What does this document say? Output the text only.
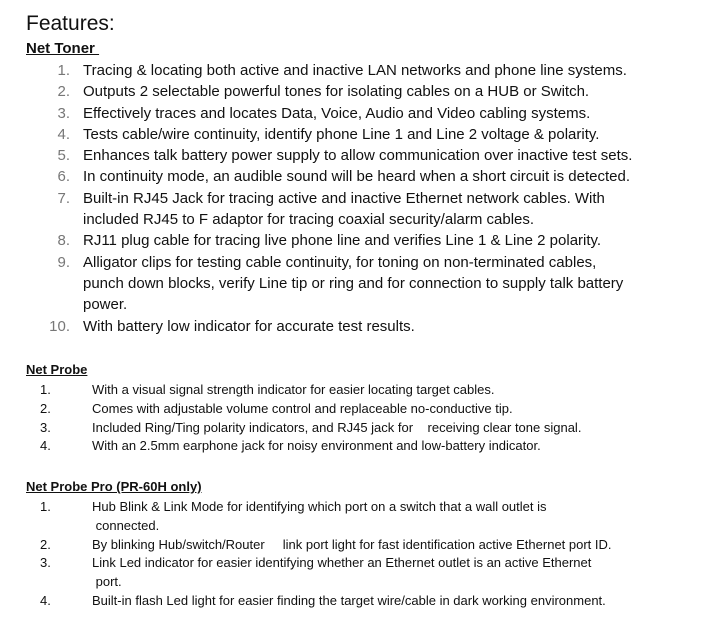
Features:
Net Toner
1. Tracing & locating both active and inactive LAN networks and phone line systems.
2. Outputs 2 selectable powerful tones for isolating cables on a HUB or Switch.
3. Effectively traces and locates Data, Voice, Audio and Video cabling systems.
4. Tests cable/wire continuity, identify phone Line 1 and Line 2 voltage & polarity.
5. Enhances talk battery power supply to allow communication over inactive test sets.
6. In continuity mode, an audible sound will be heard when a short circuit is detected.
7. Built-in RJ45 Jack for tracing active and inactive Ethernet network cables. With
included RJ45 to F adaptor for tracing coaxial security/alarm cables.
8. RJ11 plug cable for tracing live phone line and verifies Line 1 & Line 2 polarity.
9. Alligator clips for testing cable continuity, for toning on non-terminated cables,
punch down blocks, verify Line tip or ring and for connection to supply talk battery
power.
10. With battery low indicator for accurate test results.
Net Probe
1.	With a visual signal strength indicator for easier locating target cables.
2.	Comes with adjustable volume control and replaceable no-conductive tip.
3.	Included Ring/Ting polarity indicators, and RJ45 jack for    receiving clear tone signal.
4.	With an 2.5mm earphone jack for noisy environment and low-battery indicator.
Net Probe Pro (PR-60H only)
1.	Hub Blink & Link Mode for identifying which port on a switch that a wall outlet is
connected.
2.	By blinking Hub/switch/Router     link port light for fast identification active Ethernet port ID.
3.	Link Led indicator for easier identifying whether an Ethernet outlet is an active Ethernet
port.
4.	Built-in flash Led light for easier finding the target wire/cable in dark working environment.
